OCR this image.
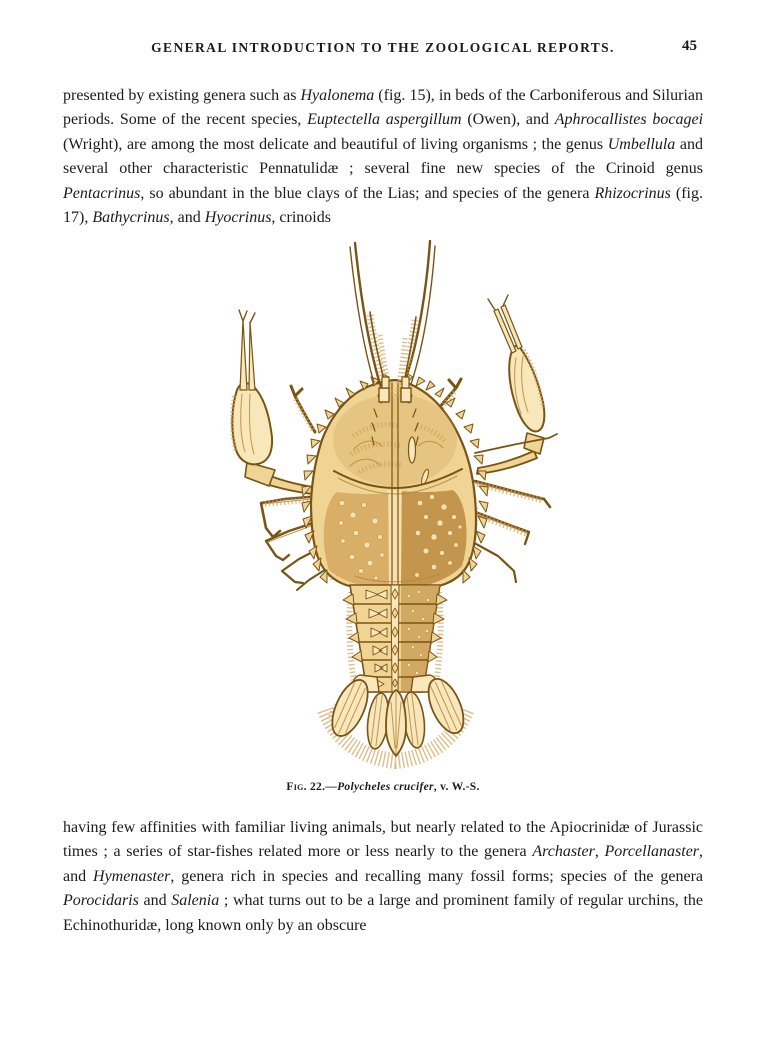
GENERAL INTRODUCTION TO THE ZOOLOGICAL REPORTS.	45
presented by existing genera such as Hyalonema (fig. 15), in beds of the Carboniferous and Silurian periods. Some of the recent species, Euptectella aspergillum (Owen), and Aphrocallistes bocagei (Wright), are among the most delicate and beautiful of living organisms ; the genus Umbellula and several other characteristic Pennatulidæ ; several fine new species of the Crinoid genus Pentacrinus, so abundant in the blue clays of the Lias; and species of the genera Rhizocrinus (fig. 17), Bathycrinus, and Hyocrinus, crinoids
Fig. 22.—Polycheles crucifer, v. W.-S.
having few affinities with familiar living animals, but nearly related to the Apiocrinidæ of Jurassic times ; a series of star-fishes related more or less nearly to the genera Archaster, Porcellanaster, and Hymenaster, genera rich in species and recalling many fossil forms; species of the genera Porocidaris and Salenia ; what turns out to be a large and prominent family of regular urchins, the Echinothuridæ, long known only by an obscure
